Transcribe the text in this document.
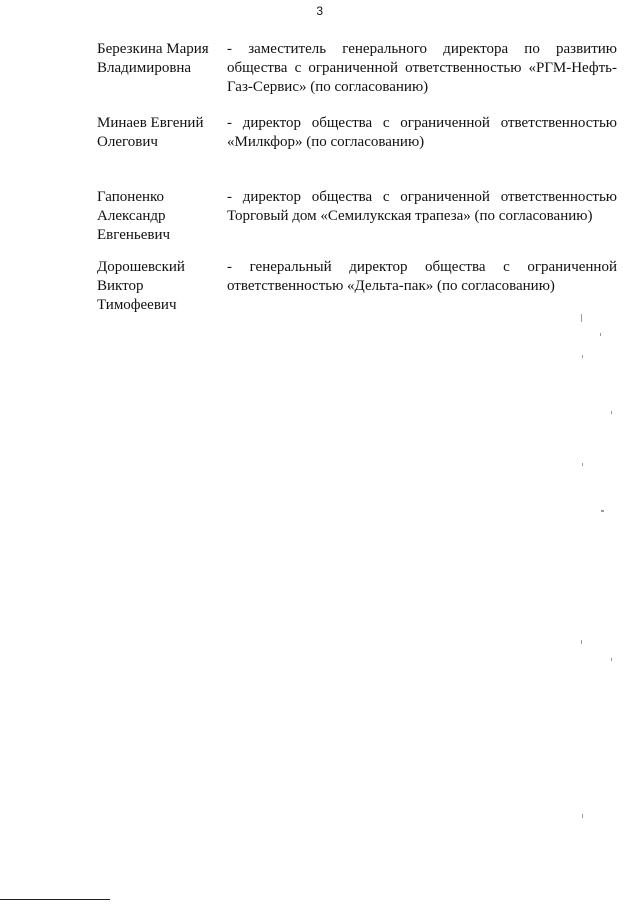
3
Березкина Мария
Владимировна
- заместитель генерального директора по развитию общества с ограниченной ответственностью «РГМ-Нефть-Газ-Сервис» (по согласованию)
Минаев Евгений
Олегович
- директор общества с ограниченной ответственностью «Милкфор» (по согласованию)
Гапоненко
Александр
Евгеньевич
- директор общества с ограниченной ответственностью Торговый дом «Семилукская трапеза» (по согласованию)
Дорошевский
Виктор
Тимофеевич
- генеральный директор общества с ограниченной ответственностью «Дельта-пак» (по согласованию)
